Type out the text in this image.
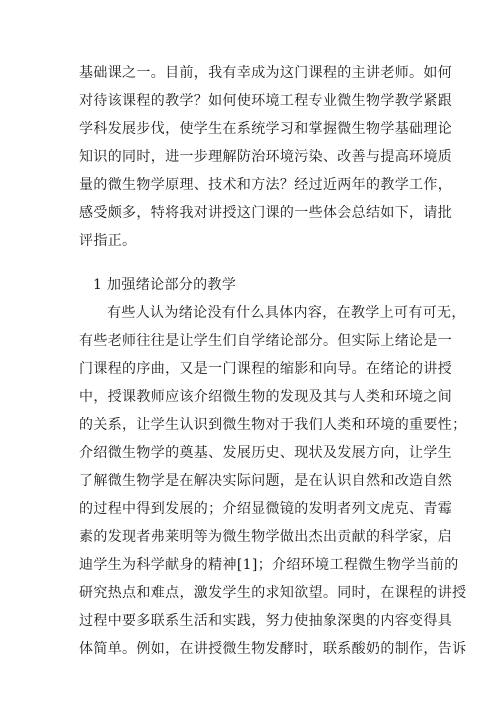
基础课之一。目前，我有幸成为这门课程的主讲老师。如何
对待该课程的教学？如何使环境工程专业微生物学教学紧跟
学科发展步伐，使学生在系统学习和掌握微生物学基础理论
知识的同时，进一步理解防治环境污染、改善与提高环境质
量的微生物学原理、技术和方法？经过近两年的教学工作，
感受颇多，特将我对讲授这门课的一些体会总结如下，请批
评指正。
1 加强绪论部分的教学
有些人认为绪论没有什么具体内容，在教学上可有可无，
有些老师往往是让学生们自学绪论部分。但实际上绪论是一
门课程的序曲，又是一门课程的缩影和向导。在绪论的讲授
中，授课教师应该介绍微生物的发现及其与人类和环境之间
的关系，让学生认识到微生物对于我们人类和环境的重要性；
介绍微生物学的奠基、发展历史、现状及发展方向，让学生
了解微生物学是在解决实际问题，是在认识自然和改造自然
的过程中得到发展的；介绍显微镜的发明者列文虎克、青霉
素的发现者弗莱明等为微生物学做出杰出贡献的科学家，启
迪学生为科学献身的精神[1]；介绍环境工程微生物学当前的
研究热点和难点，激发学生的求知欲望。同时，在课程的讲授
过程中要多联系生活和实践，努力使抽象深奥的内容变得具
体简单。例如，在讲授微生物发酵时，联系酸奶的制作，告诉
